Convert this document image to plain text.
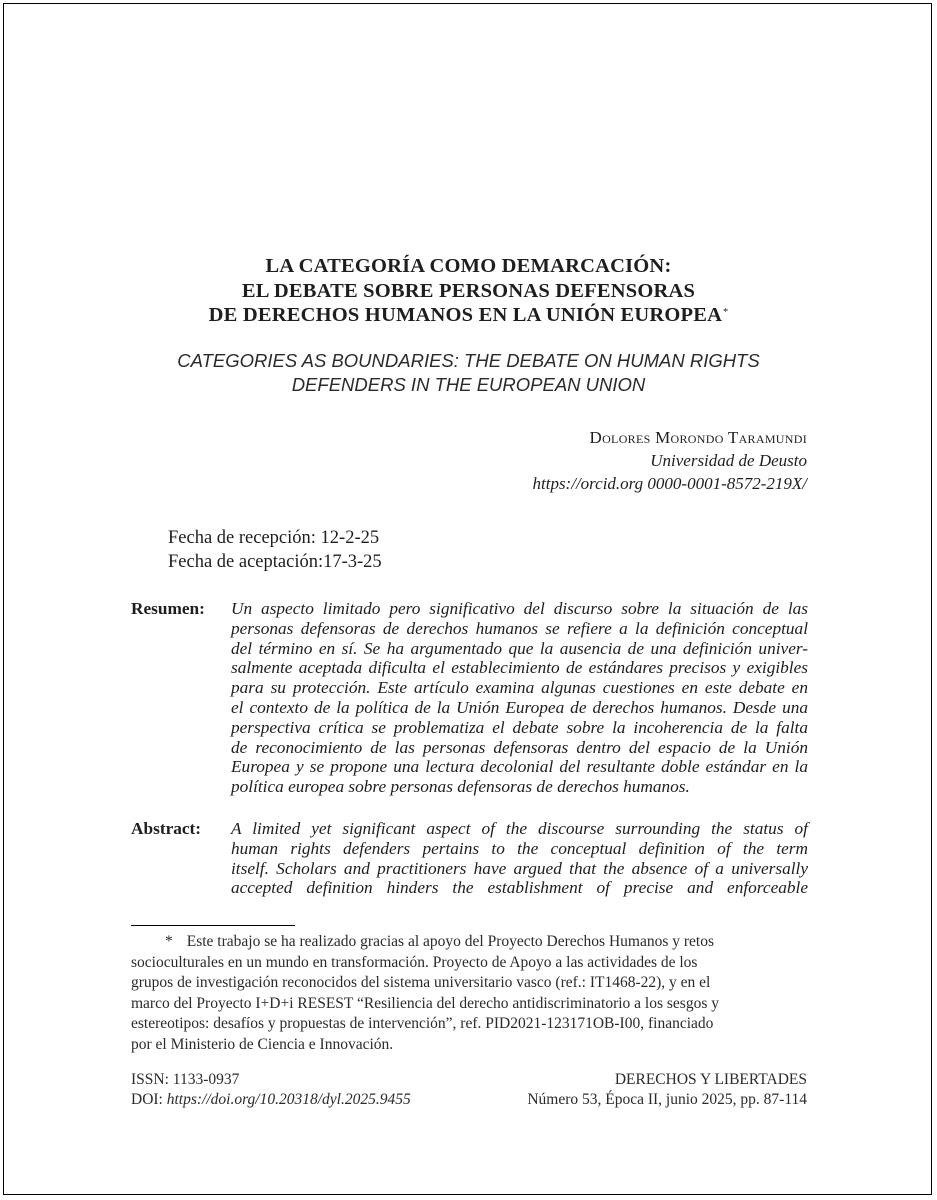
LA CATEGORÍA COMO DEMARCACIÓN:
EL DEBATE SOBRE PERSONAS DEFENSORAS
DE DERECHOS HUMANOS EN LA UNIÓN EUROPEA*
CATEGORIES AS BOUNDARIES: THE DEBATE ON HUMAN RIGHTS
DEFENDERS IN THE EUROPEAN UNION
Dolores Morondo Taramundi
Universidad de Deusto
https://orcid.org 0000-0001-8572-219X/
Fecha de recepción: 12-2-25
Fecha de aceptación:17-3-25
Resumen: Un aspecto limitado pero significativo del discurso sobre la situación de las
personas defensoras de derechos humanos se refiere a la definición conceptual
del término en sí. Se ha argumentado que la ausencia de una definición univer-
salmente aceptada dificulta el establecimiento de estándares precisos y exigibles
para su protección. Este artículo examina algunas cuestiones en este debate en
el contexto de la política de la Unión Europea de derechos humanos. Desde una
perspectiva crítica se problematiza el debate sobre la incoherencia de la falta
de reconocimiento de las personas defensoras dentro del espacio de la Unión
Europea y se propone una lectura decolonial del resultante doble estándar en la
política europea sobre personas defensoras de derechos humanos.
Abstract: A limited yet significant aspect of the discourse surrounding the status of
human rights defenders pertains to the conceptual definition of the term
itself. Scholars and practitioners have argued that the absence of a universally
accepted definition hinders the establishment of precise and enforceable
* Este trabajo se ha realizado gracias al apoyo del Proyecto Derechos Humanos y retos
socioculturales en un mundo en transformación. Proyecto de Apoyo a las actividades de los
grupos de investigación reconocidos del sistema universitario vasco (ref.: IT1468-22), y en el
marco del Proyecto I+D+i RESEST “Resiliencia del derecho antidiscriminatorio a los sesgos y
estereotipos: desafíos y propuestas de intervención”, ref. PID2021-123171OB-I00, financiado
por el Ministerio de Ciencia e Innovación.
ISSN: 1133-0937
DOI: https://doi.org/10.20318/dyl.2025.9455
DERECHOS Y LIBERTADES
Número 53, Época II, junio 2025, pp. 87-114
